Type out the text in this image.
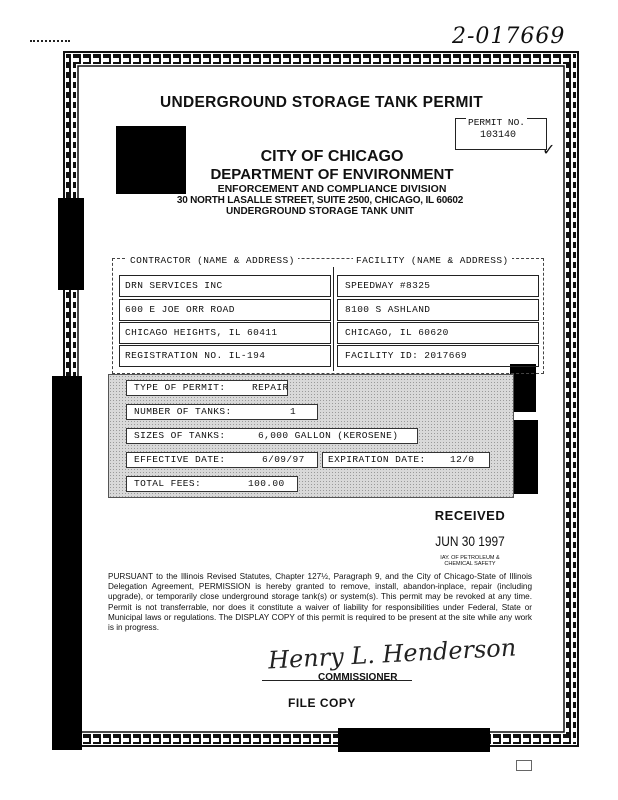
2-017669
UNDERGROUND STORAGE TANK PERMIT
PERMIT NO.
103140
✓
CITY OF CHICAGO
DEPARTMENT OF ENVIRONMENT
ENFORCEMENT AND COMPLIANCE DIVISION
30 NORTH LASALLE STREET, SUITE 2500, CHICAGO, IL 60602
UNDERGROUND STORAGE TANK UNIT
CONTRACTOR (NAME & ADDRESS)	FACILITY (NAME & ADDRESS)
DRN SERVICES INC	SPEEDWAY #8325
600 E JOE ORR ROAD	8100 S ASHLAND
CHICAGO HEIGHTS, IL 60411	CHICAGO, IL 60620
REGISTRATION NO. IL-194	FACILITY ID: 2017669
TYPE OF PERMIT:	REPAIR
NUMBER OF TANKS:	1
SIZES OF TANKS:	6,000 GALLON (KEROSENE)
EFFECTIVE DATE:	6/09/97 EXPIRATION DATE:	12/0
TOTAL FEES:	100.00
RECEIVED
JUN 30 1997
IAY. OF PETROLEUM &
CHEMICAL SAFETY
PURSUANT to the Illinois Revised Statutes, Chapter 127½, Paragraph 9, and the City of Chicago-State of Illinois Delegation Agreement, PERMISSION is hereby granted to remove, install, abandon-inplace, repair (including upgrade), or temporarily close underground storage tank(s) or system(s). This permit may be revoked at any time. Permit is not transferrable, nor does it constitute a waiver of liability for responsibilities under Federal, State or Municipal laws or regulations. The DISPLAY COPY of this permit is required to be present at the site while any work is in progress.
Henry L. Henderson
COMMISSIONER
FILE COPY
